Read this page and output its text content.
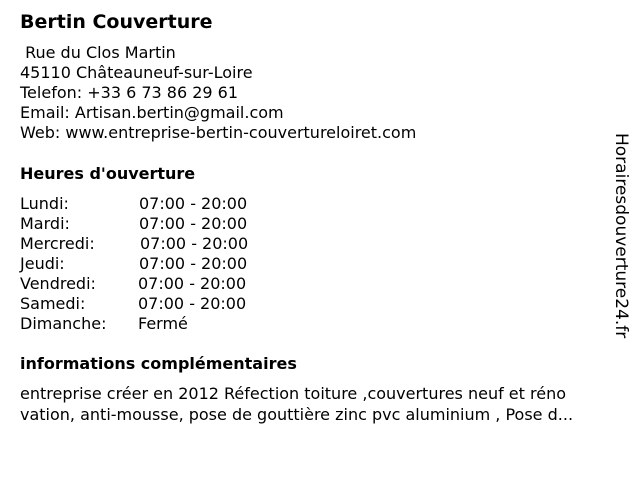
Bertin Couverture
Rue du Clos Martin
45110 Châteauneuf-sur-Loire
Telefon: +33 6 73 86 29 61
Email: Artisan.bertin@gmail.com
Web: www.entreprise-bertin-couvertureloiret.com
Heures d'ouverture
Lundi:	07:00 - 20:00
Mardi:	07:00 - 20:00
Mercredi:	07:00 - 20:00
Jeudi:	07:00 - 20:00
Vendredi:	07:00 - 20:00
Samedi:	07:00 - 20:00
Dimanche: Fermé
informations complémentaires
entreprise créer en 2012 Réfection toiture ,couvertures neuf et réno
vation, anti-mousse, pose de gouttière zinc pvc aluminium , Pose d...
Horairesdouverture24.fr
